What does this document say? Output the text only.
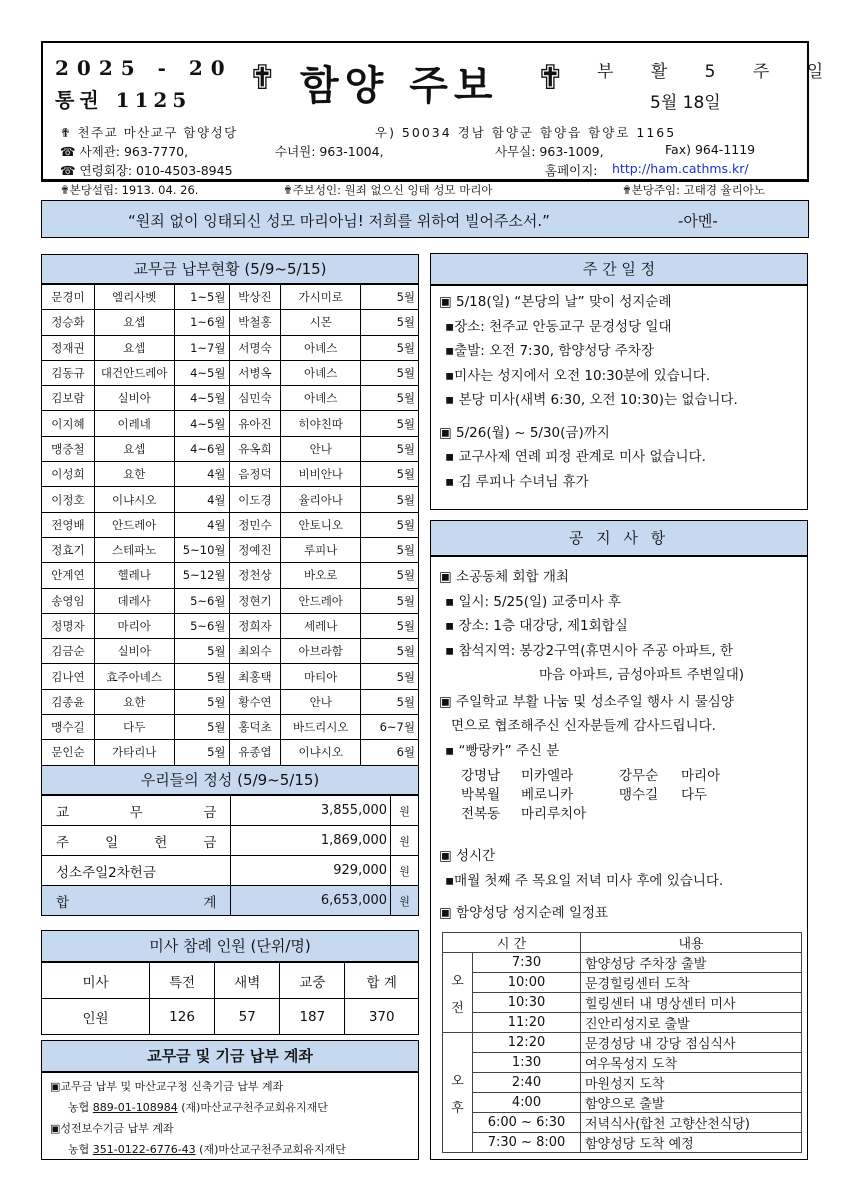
2025 - 20
통권 1125
✟ 함양 주보 ✟ 부 활 5 주 일
5월 18일
✟ 천주교 마산교구 함양성당	우) 50034 경남 함양군 함양읍 함양로 1165
☎ 사제관: 963-7770,	수녀원: 963-1004,	사무실: 963-1009,	Fax) 964-1119
☎ 연령회장: 010-4503-8945	홈페이지: http://ham.cathms.kr/
✟본당설립: 1913. 04. 26.	✟주보성인: 원죄 없으신 잉태 성모 마리아	✟본당주임: 고태경 율리아노
“원죄 없이 잉태되신 성모 마리아님! 저희를 위하여 빌어주소서.”	-아멘-
교무금 납부현황 (5/9~5/15)
문경미	엘리사벳	1~5월	박상진	가시미로	5월
정승화	요셉	1~6월	박철홍	시몬	5월
정재권	요셉	1~7월	서명숙	아녜스	5월
김동규	대건안드레아	4~5월	서병옥	아녜스	5월
김보람	실비아	4~5월	심민숙	아녜스	5월
이지혜	이레네	4~5월	유아진	히야친따	5월
맹중철	요셉	4~6월	유옥희	안나	5월
이성희	요한	4월	음정덕	비비안나	5월
이정호	이냐시오	4월	이도경	율리아나	5월
전영배	안드레아	4월	정민수	안토니오	5월
정효기	스테파노	5~10월	정예진	루피나	5월
안계연	헬레나	5~12월	정천상	바오로	5월
송영임	데레사	5~6월	정현기	안드레아	5월
정명자	마리아	5~6월	정희자	세레나	5월
김금순	실비아	5월	최외수	아브라함	5월
김나연	효주아녜스	5월	최홍택	마티아	5월
김종윤	요한	5월	황수연	안나	5월
맹수길	다두	5월	홍덕초	바드리시오	6~7월
문인순	가타리나	5월	유종엽	이냐시오	6월
우리들의 정성 (5/9~5/15)
교 무 금	3,855,000	원
주 일 헌 금	1,869,000	원
성소주일2차헌금	929,000	원
합 계	6,653,000	원
미사 참례 인원 (단위/명)
미사	특전	새벽	교중	합 계
인원	126	57	187	370
교무금 및 기금 납부 계좌
▣교무금 납부 및 마산교구청 신축기금 납부 계좌
농협 889-01-108984 (재)마산교구천주교회유지재단
▣성전보수기금 납부 계좌
농협 351-0122-6776-43 (재)마산교구천주교회유지재단
주 간 일 정
▣ 5/18(일) “본당의 날” 맞이 성지순례
▪장소: 천주교 안동교구 문경성당 일대
▪출발: 오전 7:30, 함양성당 주차장
▪미사는 성지에서 오전 10:30분에 있습니다.
▪ 본당 미사(새벽 6:30, 오전 10:30)는 없습니다.
▣ 5/26(월) ~ 5/30(금)까지
▪ 교구사제 연례 피정 관계로 미사 없습니다.
▪ 김 루피나 수녀님 휴가
공 지 사 항
▣ 소공동체 회합 개최
▪ 일시: 5/25(일) 교중미사 후
▪ 장소: 1층 대강당, 제1회합실
▪ 참석지역: 봉강2구역(휴면시아 주공 아파트, 한
마음 아파트, 금성아파트 주변일대)
▣ 주일학교 부활 나눔 및 성소주일 행사 시 물심양
면으로 협조해주신 신자분들께 감사드립니다.
▪ “빵랑카” 주신 분
강명남	미카엘라	강무순	마리아
박복월	베로니카	맹수길	다두
전복동	마리루치아
▣ 성시간
▪매월 첫째 주 목요일 저녁 미사 후에 있습니다.
▣ 함양성당 성지순례 일정표
시 간		내용

오
전	7:30	함양성당 주차장 출발
	10:00	문경힐링센터 도착
	10:30	힐링센터 내 명상센터 미사
	11:20	진안리성지로 출발

오
후	12:20	문경성당 내 강당 점심식사
	1:30	여우목성지 도착
	2:40	마원성지 도착
	4:00	함양으로 출발
	6:00 ~ 6:30	저녁식사(합천 고향산천식당)
	7:30 ~ 8:00	함양성당 도착 예정
